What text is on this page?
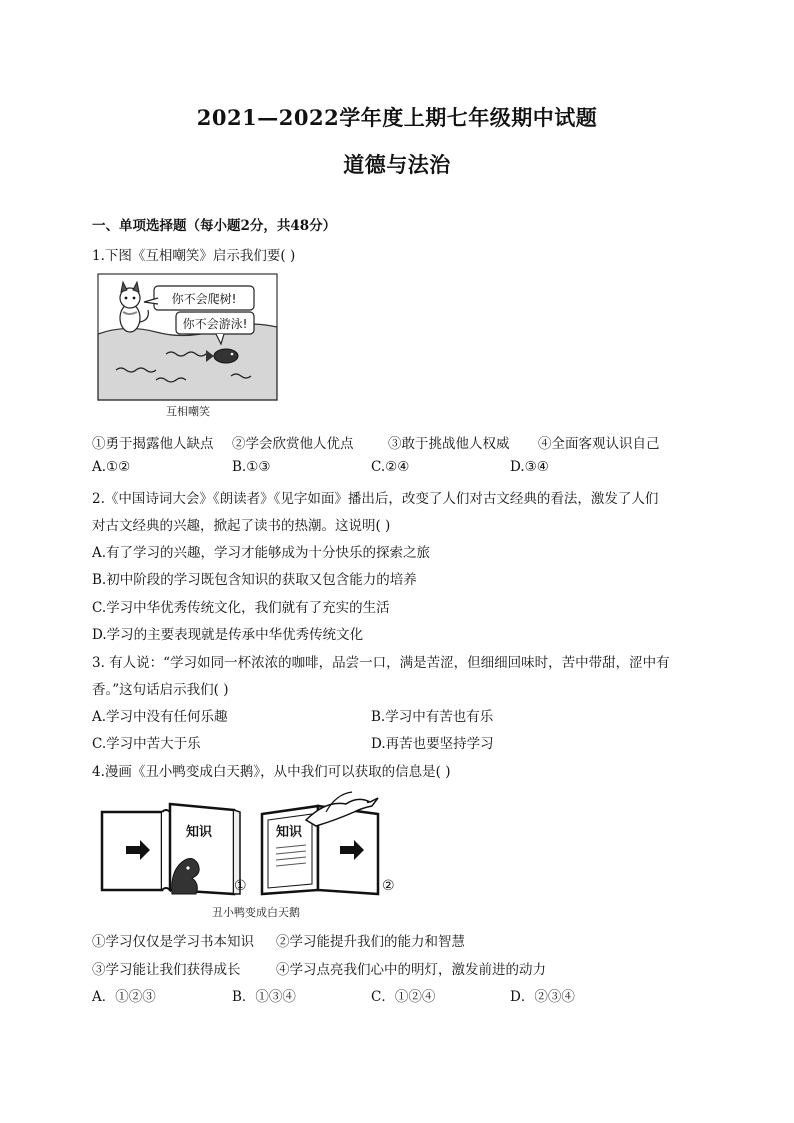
2021—2022学年度上期七年级期中试题
道德与法治
一、单项选择题（每小题2分，共48分）
1.下图《互相嘲笑》启示我们要( )
你不会爬树!
你不会游泳!
互相嘲笑
①勇于揭露他人缺点 ②学会欣赏他人优点	③敢于挑战他人权威 ④全面客观认识自己
A.①②	B.①③	C.②④	D.③④
2.《中国诗词大会》《朗读者》《见字如面》播出后，改变了人们对古文经典的看法，激发了人们
对古文经典的兴趣，掀起了读书的热潮。这说明( )
A.有了学习的兴趣，学习才能够成为十分快乐的探索之旅
B.初中阶段的学习既包含知识的获取又包含能力的培养
C.学习中华优秀传统文化，我们就有了充实的生活
D.学习的主要表现就是传承中华优秀传统文化
3. 有人说：“学习如同一杯浓浓的咖啡，品尝一口，满是苦涩，但细细回味时，苦中带甜，涩中有
香。”这句话启示我们( )
A.学习中没有任何乐趣	B.学习中有苦也有乐
C.学习中苦大于乐	D.再苦也要坚持学习
4.漫画《丑小鸭变成白天鹅》，从中我们可以获取的信息是( )
知识
①
知识
②
丑小鸭变成白天鹅
①学习仅仅是学习书本知识 ②学习能提升我们的能力和智慧
③学习能让我们获得成长	④学习点亮我们心中的明灯，激发前进的动力
A．①②③	B．①③④	C．①②④	D．②③④
